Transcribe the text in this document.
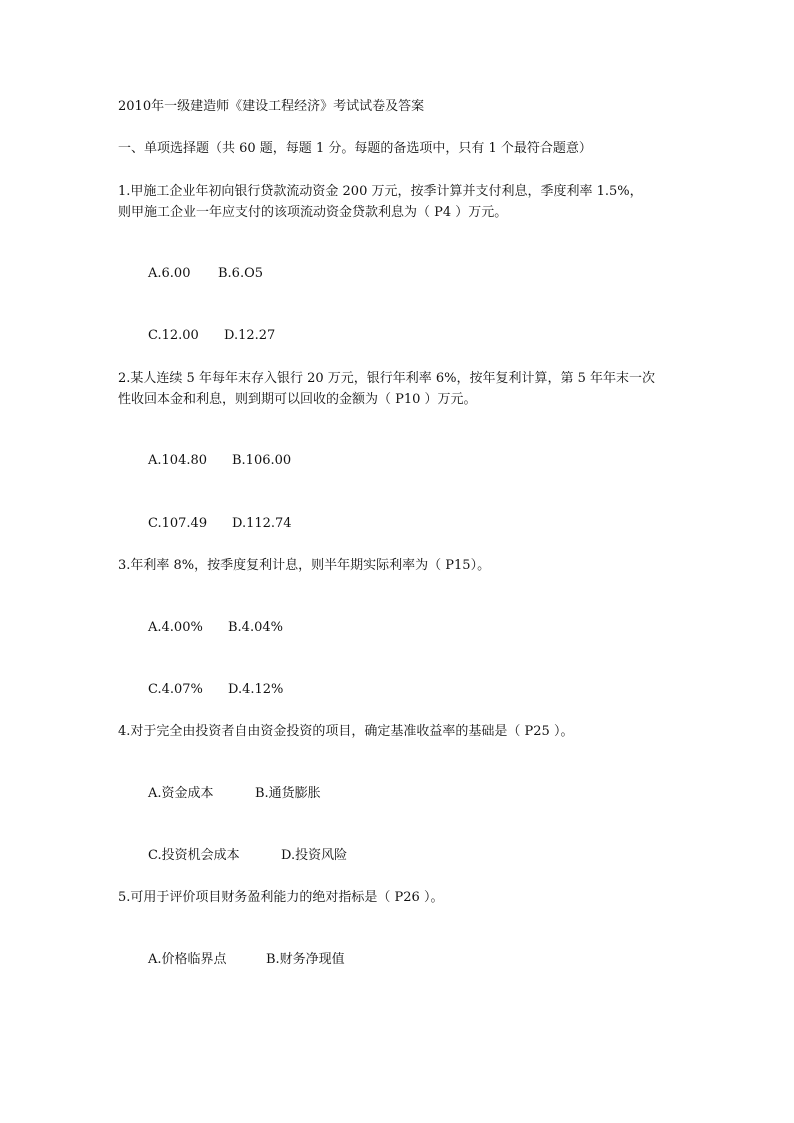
2010年一级建造师《建设工程经济》考试试卷及答案
一、单项选择题（共 60 题，每题 1 分。每题的备选项中，只有 1 个最符合题意）
1.甲施工企业年初向银行贷款流动资金 200 万元，按季计算并支付利息，季度利率 1.5%，
则甲施工企业一年应支付的该项流动资金贷款利息为（ P4 ）万元。
A.6.00 B.6.O5
C.12.00 D.12.27
2.某人连续 5 年每年末存入银行 20 万元，银行年利率 6%，按年复利计算，第 5 年年末一次
性收回本金和利息，则到期可以回收的金额为（ P10 ）万元。
A.104.80 B.106.00
C.107.49 D.112.74
3.年利率 8%，按季度复利计息，则半年期实际利率为（ P15）。
A.4.00% B.4.04%
C.4.07% D.4.12%
4.对于完全由投资者自由资金投资的项目，确定基准收益率的基础是（ P25 ）。
A.资金成本	B.通货膨胀
C.投资机会成本	D.投资风险
5.可用于评价项目财务盈利能力的绝对指标是（ P26 ）。
A.价格临界点	B.财务净现值
